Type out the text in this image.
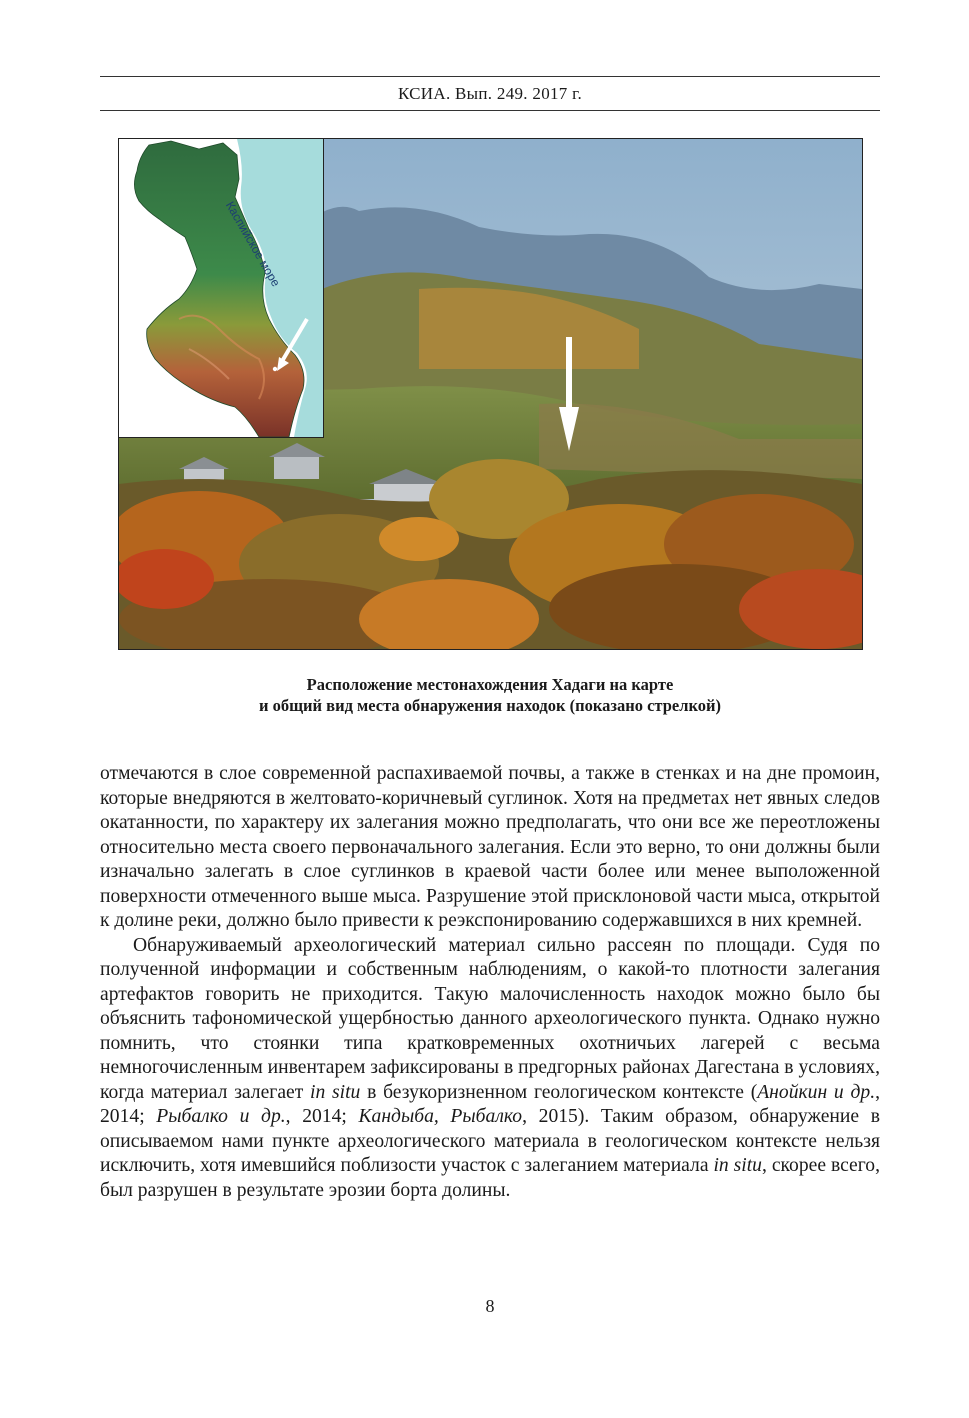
КСИА. Вып. 249. 2017 г.
Каспийское море
Расположение местонахождения Хадаги на карте
и общий вид места обнаружения находок (показано стрелкой)

отмечаются в слое современной распахиваемой почвы, а также в стенках и на дне промоин, которые внедряются в желтовато-коричневый суглинок. Хотя на предметах нет явных следов окатанности, по характеру их залегания можно предполагать, что они все же переотложены относительно места своего первоначального залегания. Если это верно, то они должны были изначально залегать в слое суглинков в краевой части более или менее выположенной поверхности отмеченного выше мыса. Разрушение этой присклоновой части мыса, открытой к долине реки, должно было привести к реэкспонированию содержавшихся в них кремней.

Обнаруживаемый археологический материал сильно рассеян по площади. Судя по полученной информации и собственным наблюдениям, о какой-то плотности залегания артефактов говорить не приходится. Такую малочисленность находок можно было бы объяснить тафономической ущербностью данного археологического пункта. Однако нужно помнить, что стоянки типа кратковременных охотничьих лагерей с весьма немногочисленным инвентарем зафиксированы в предгорных районах Дагестана в условиях, когда материал залегает in situ в безукоризненном геологическом контексте (Анойкин и др., 2014; Рыбалко и др., 2014; Кандыба, Рыбалко, 2015). Таким образом, обнаружение в описываемом нами пункте археологического материала в геологическом контексте нельзя исключить, хотя имевшийся поблизости участок с залеганием материала in situ, скорее всего, был разрушен в результате эрозии борта долины.

8
